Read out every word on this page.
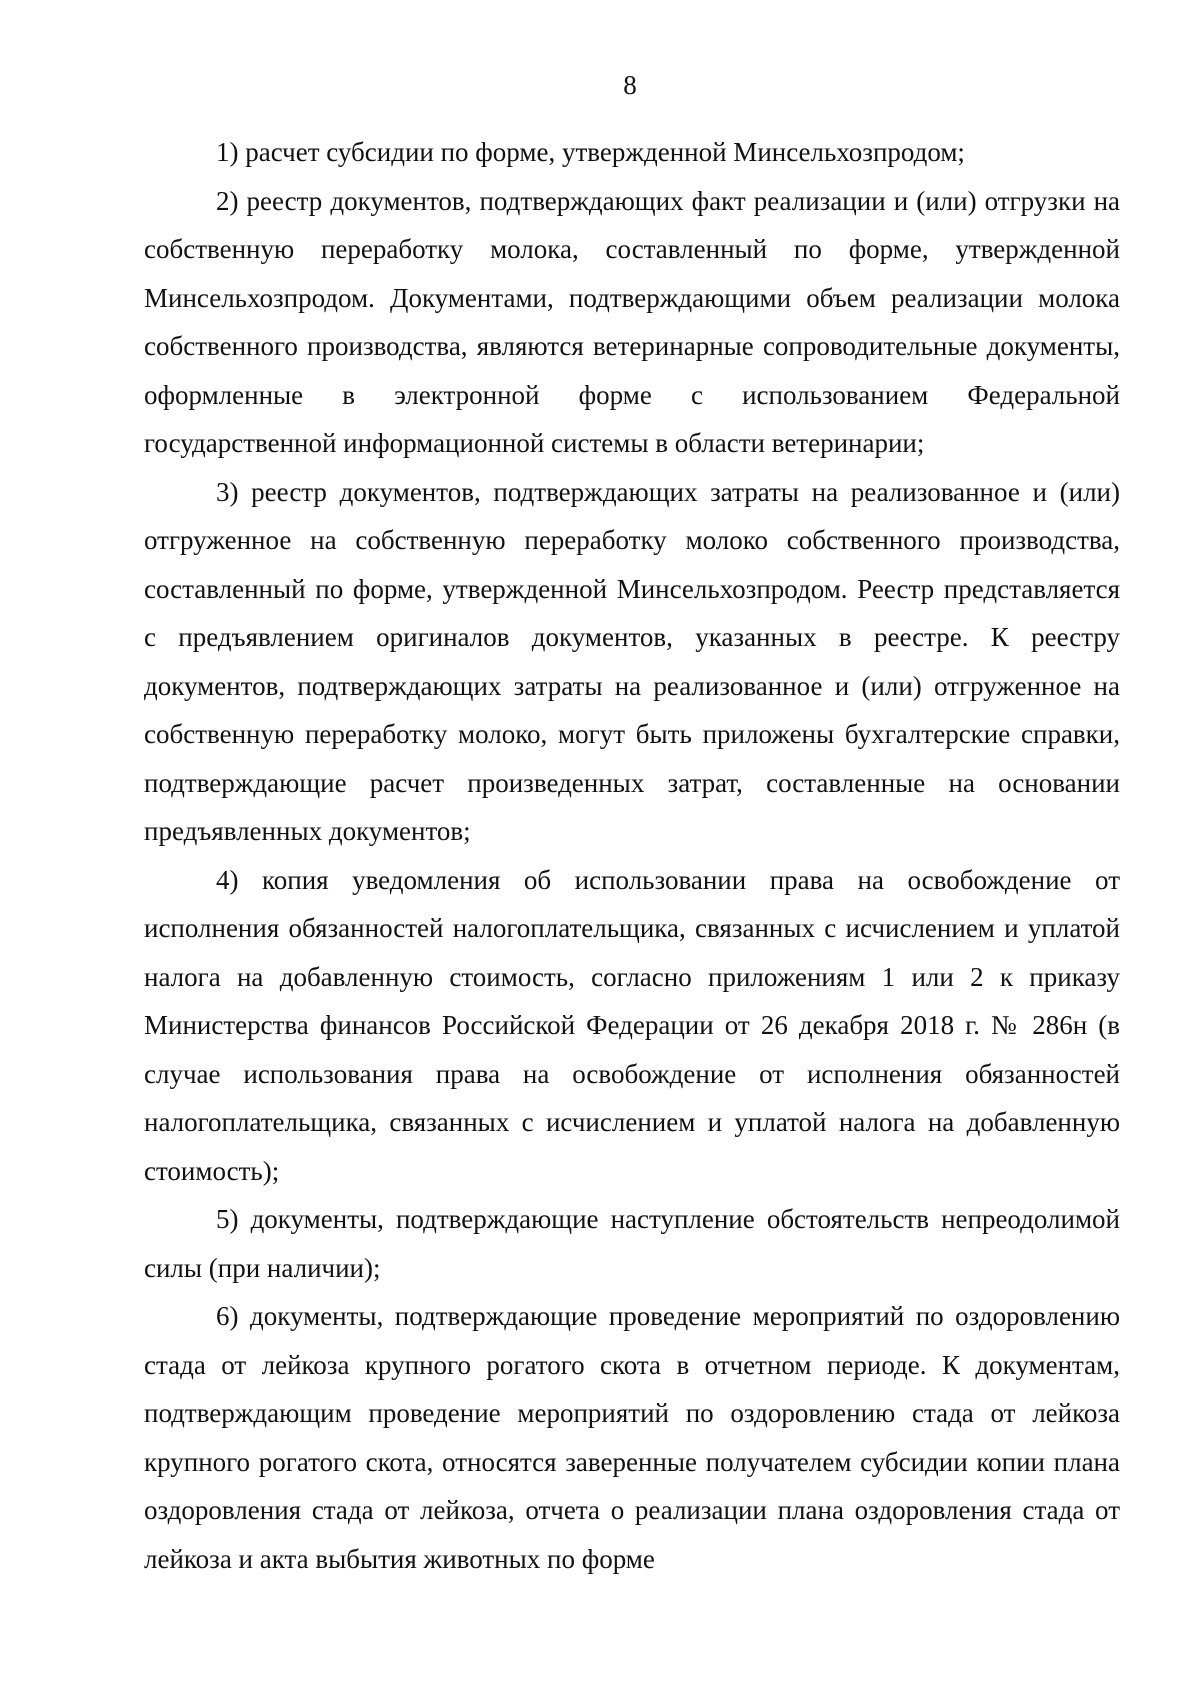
8

1) расчет субсидии по форме, утвержденной Минсельхозпродом;

2) реестр документов, подтверждающих факт реализации и (или) отгрузки на собственную переработку молока, составленный по форме, утвержденной Минсельхозпродом. Документами, подтверждающими объем реализации молока собственного производства, являются ветеринарные сопроводительные документы, оформленные в электронной форме с использованием Федеральной государственной информационной системы в области ветеринарии;

3) реестр документов, подтверждающих затраты на реализованное и (или) отгруженное на собственную переработку молоко собственного производства, составленный по форме, утвержденной Минсельхозпродом. Реестр представляется с предъявлением оригиналов документов, указанных в реестре. К реестру документов, подтверждающих затраты на реализованное и (или) отгруженное на собственную переработку молоко, могут быть приложены бухгалтерские справки, подтверждающие расчет произведенных затрат, составленные на основании предъявленных документов;

4) копия уведомления об использовании права на освобождение от исполнения обязанностей налогоплательщика, связанных с исчислением и уплатой налога на добавленную стоимость, согласно приложениям 1 или 2 к приказу Министерства финансов Российской Федерации от 26 декабря 2018 г. № 286н (в случае использования права на освобождение от исполнения обязанностей налогоплательщика, связанных с исчислением и уплатой налога на добавленную стоимость);

5) документы, подтверждающие наступление обстоятельств непреодолимой силы (при наличии);

6) документы, подтверждающие проведение мероприятий по оздоровлению стада от лейкоза крупного рогатого скота в отчетном периоде. К документам, подтверждающим проведение мероприятий по оздоровлению стада от лейкоза крупного рогатого скота, относятся заверенные получателем субсидии копии плана оздоровления стада от лейкоза, отчета о реализации плана оздоровления стада от лейкоза и акта выбытия животных по форме
